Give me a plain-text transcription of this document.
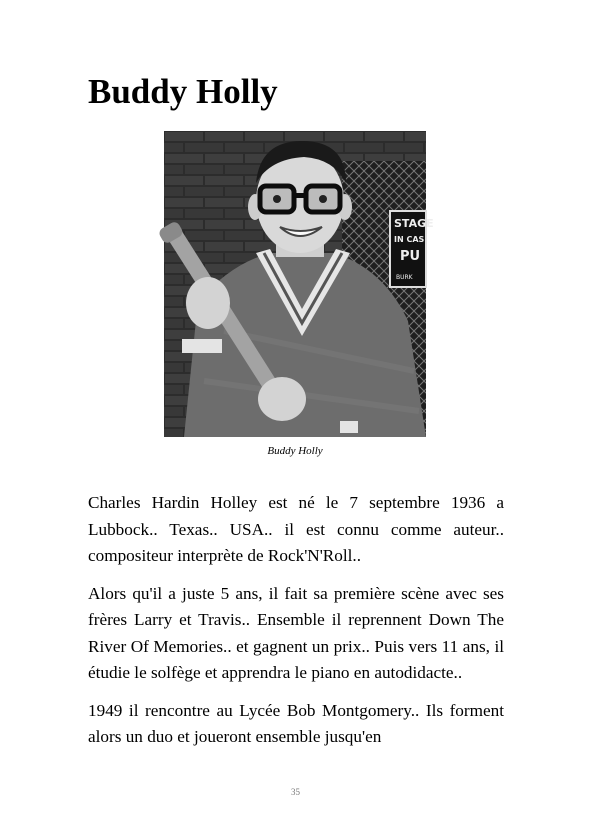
Buddy Holly
STAGE
IN CAS
PU
BURK
Buddy Holly

Charles Hardin Holley est né le 7 septembre 1936 a Lubbock.. Texas.. USA.. il est connu comme auteur.. compositeur interprète de Rock'N'Roll..

Alors qu'il a juste 5 ans, il fait sa première scène avec ses frères Larry et Travis.. Ensemble il reprennent Down The River Of Memories.. et gagnent un prix.. Puis vers 11 ans, il étudie le solfège et apprendra le piano en autodidacte..

1949 il rencontre au Lycée Bob Montgomery.. Ils forment alors un duo et joueront ensemble jusqu'en

35
